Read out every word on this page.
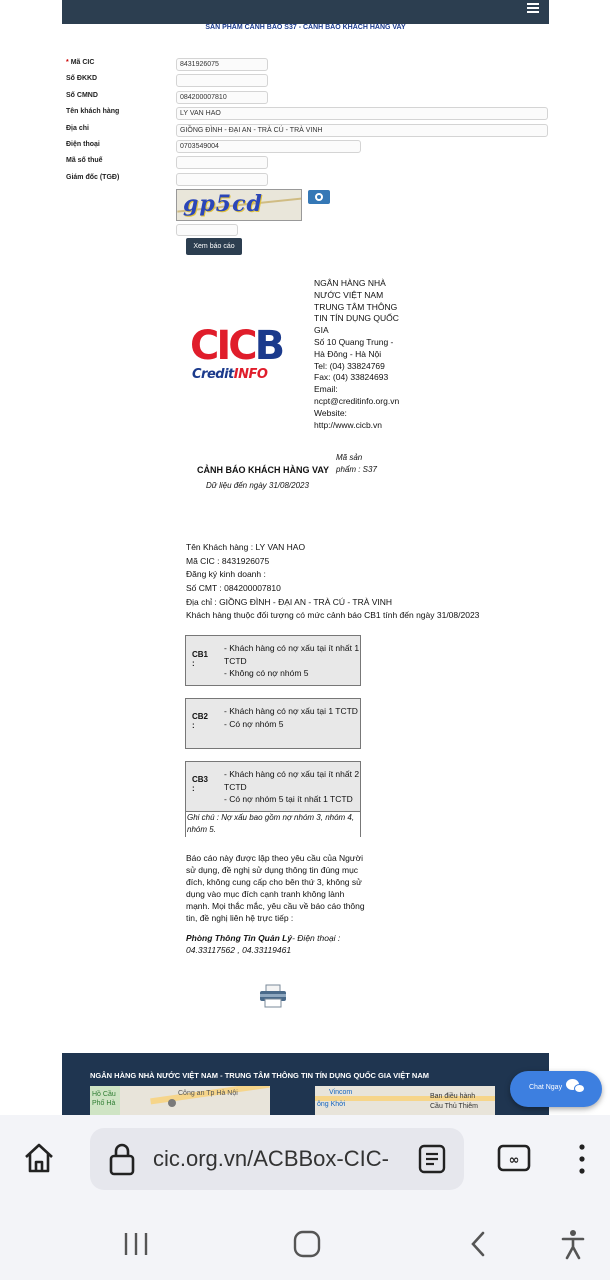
SẢN PHẨM CẢNH BÁO S37 - CẢNH BÁO KHÁCH HÀNG VAY
* Mã CIC
Số ĐKKD
Số CMND
Tên khách hàng
Địa chỉ
Điện thoại
Mã số thuế
Giám đốc (TGĐ)
8431926075
084200007810
LY VAN HAO
GIỒNG ĐÌNH - ĐẠI AN - TRÀ CÚ - TRÀ VINH
0703549004
gp5cd
Xem báo cáo
CICB
CreditINFO
NGÂN HÀNG NHÀ
NƯỚC VIỆT NAM
TRUNG TÂM THÔNG
TIN TÍN DỤNG QUỐC
GIA
Số 10 Quang Trung -
Hà Đông - Hà Nội
Tel: (04) 33824769
Fax: (04) 33824693
Email:
ncpt@creditinfo.org.vn
Website:
http://www.cicb.vn
CẢNH BÁO KHÁCH HÀNG VAY
Dữ liệu đến ngày 31/08/2023
Mã sản phẩm : S37
Tên Khách hàng : LY VAN HAO
Mã CIC : 8431926075
Đăng ký kinh doanh :
Số CMT : 084200007810
Địa chỉ : GIỒNG ĐÌNH - ĐẠI AN - TRÀ CÚ - TRÀ VINH
Khách hàng thuộc đối tượng có mức cảnh báo CB1 tính đến ngày 31/08/2023
CB1
:
- Khách hàng có nợ xấu tại ít nhất 1 TCTD
- Không có nợ nhóm 5
CB2
:
- Khách hàng có nợ xấu tại 1 TCTD
- Có nợ nhóm 5
CB3
:
- Khách hàng có nợ xấu tại ít nhất 2 TCTD
- Có nợ nhóm 5 tại ít nhất 1 TCTD
Ghi chú : Nợ xấu bao gồm nợ nhóm 3, nhóm 4, nhóm 5.
Báo cáo này được lập theo yêu cầu của Người sử dụng, đề nghị sử dụng thông tin đúng mục đích, không cung cấp cho bên thứ 3, không sử dụng vào mục đích cạnh tranh không lành mạnh. Mọi thắc mắc, yêu cầu về báo cáo thông tin, đề nghị liên hệ trực tiếp :
Phòng Thông Tin Quản Lý- Điện thoại : 04.33117562 , 04.33119461
NGÂN HÀNG NHÀ NƯỚC VIỆT NAM - TRUNG TÂM THÔNG TIN TÍN DỤNG QUỐC GIA VIỆT NAM
Hồ Cầu
Phố Hà
Công an Tp Hà Nội	Vincom
ông Khởi
Ban điều hành
Cầu Thủ Thiêm
Chat Ngay
cic.org.vn/ACBBox-CIC-	∞
